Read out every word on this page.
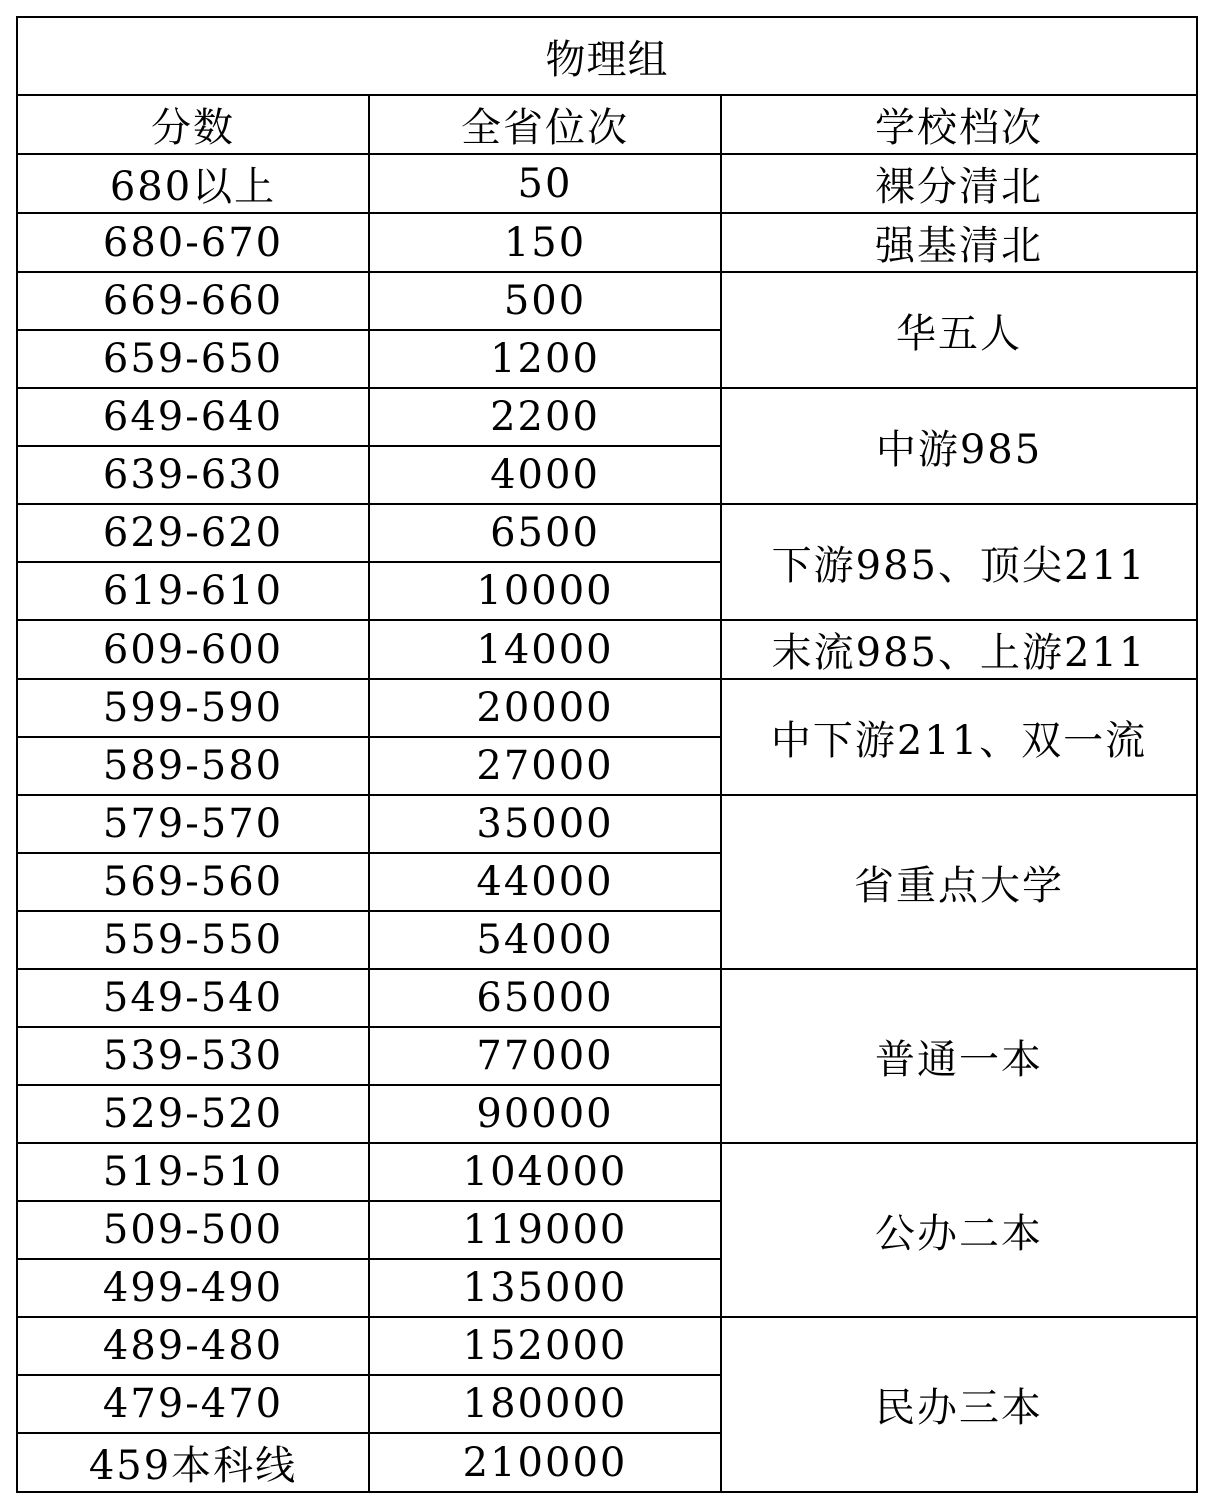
物理组		
分数	全省位次	学校档次
680以上	50	裸分清北
680-670	150	强基清北
669-660	500	华五人
659-650	1200	
649-640	2200	中游985
639-630	4000	
629-620	6500	下游985、顶尖211
619-610	10000	
609-600	14000	末流985、上游211
599-590	20000	中下游211、双一流
589-580	27000	
579-570	35000	省重点大学
569-560	44000	
559-550	54000	
549-540	65000	普通一本
539-530	77000	
529-520	90000	
519-510	104000	公办二本
509-500	119000	
499-490	135000	
489-480	152000	民办三本
479-470	180000	
459本科线	210000	
